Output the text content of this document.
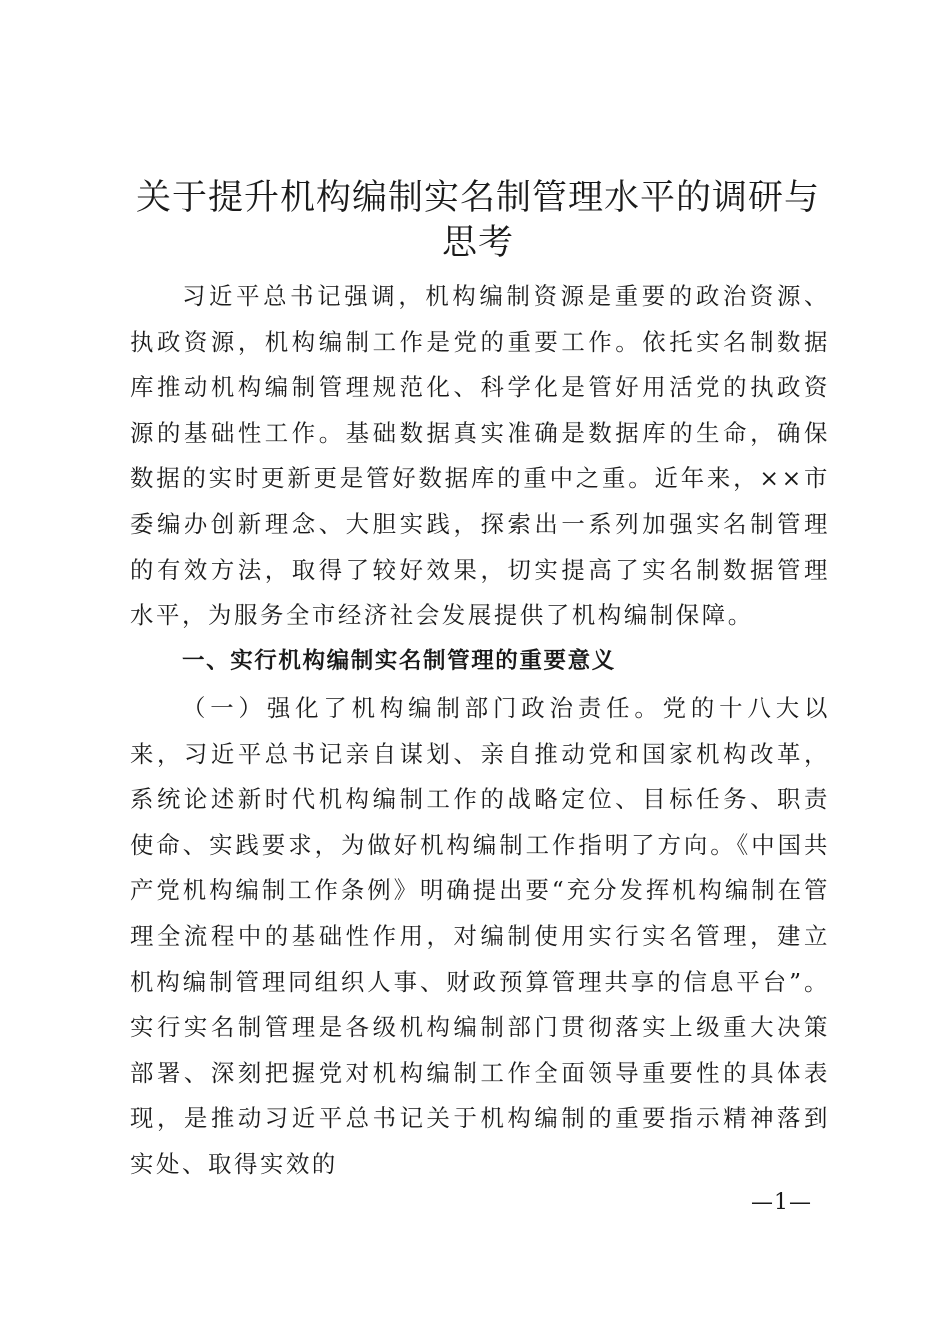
关于提升机构编制实名制管理水平的调研与思考

习近平总书记强调，机构编制资源是重要的政治资源、执政资源，机构编制工作是党的重要工作。依托实名制数据库推动机构编制管理规范化、科学化是管好用活党的执政资源的基础性工作。基础数据真实准确是数据库的生命，确保数据的实时更新更是管好数据库的重中之重。近年来，××市委编办创新理念、大胆实践，探索出一系列加强实名制管理的有效方法，取得了较好效果，切实提高了实名制数据管理水平，为服务全市经济社会发展提供了机构编制保障。

一、实行机构编制实名制管理的重要意义

（一）强化了机构编制部门政治责任。党的十八大以来，习近平总书记亲自谋划、亲自推动党和国家机构改革，系统论述新时代机构编制工作的战略定位、目标任务、职责使命、实践要求，为做好机构编制工作指明了方向。《中国共产党机构编制工作条例》明确提出要“充分发挥机构编制在管理全流程中的基础性作用，对编制使用实行实名管理，建立机构编制管理同组织人事、财政预算管理共享的信息平台”。实行实名制管理是各级机构编制部门贯彻落实上级重大决策部署、深刻把握党对机构编制工作全面领导重要性的具体表现，是推动习近平总书记关于机构编制的重要指示精神落到实处、取得实效的

—1—
